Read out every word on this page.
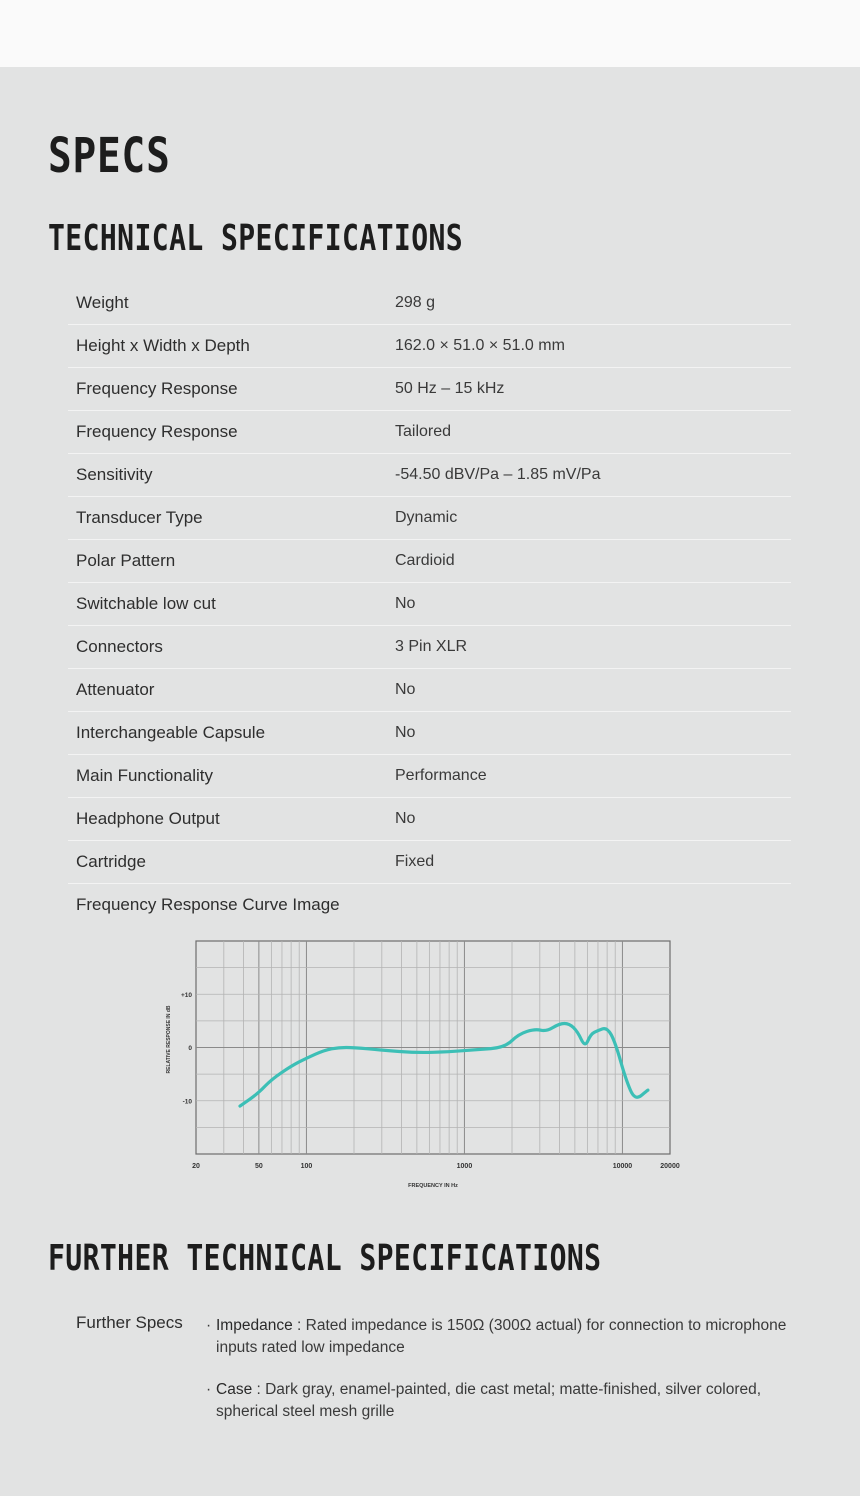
SPECS
TECHNICAL SPECIFICATIONS
Weight	298 g
Height x Width x Depth	162.0 × 51.0 × 51.0 mm
Frequency Response	50 Hz – 15 kHz
Frequency Response	Tailored
Sensitivity	-54.50 dBV/Pa – 1.85 mV/Pa
Transducer Type	Dynamic
Polar Pattern	Cardioid
Switchable low cut	No
Connectors	3 Pin XLR
Attenuator	No
Interchangeable Capsule	No
Main Functionality	Performance
Headphone Output	No
Cartridge	Fixed
Frequency Response Curve Image
20	50	100	1000	10000	20000
+10
0
-10
FREQUENCY IN Hz
RELATIVE RESPONSE IN dB
FURTHER TECHNICAL SPECIFICATIONS
Further Specs · Impedance : Rated impedance is 150Ω (300Ω actual) for connection to microphone inputs rated low impedance
· Case : Dark gray, enamel-painted, die cast metal; matte-finished, silver colored, spherical steel mesh grille
